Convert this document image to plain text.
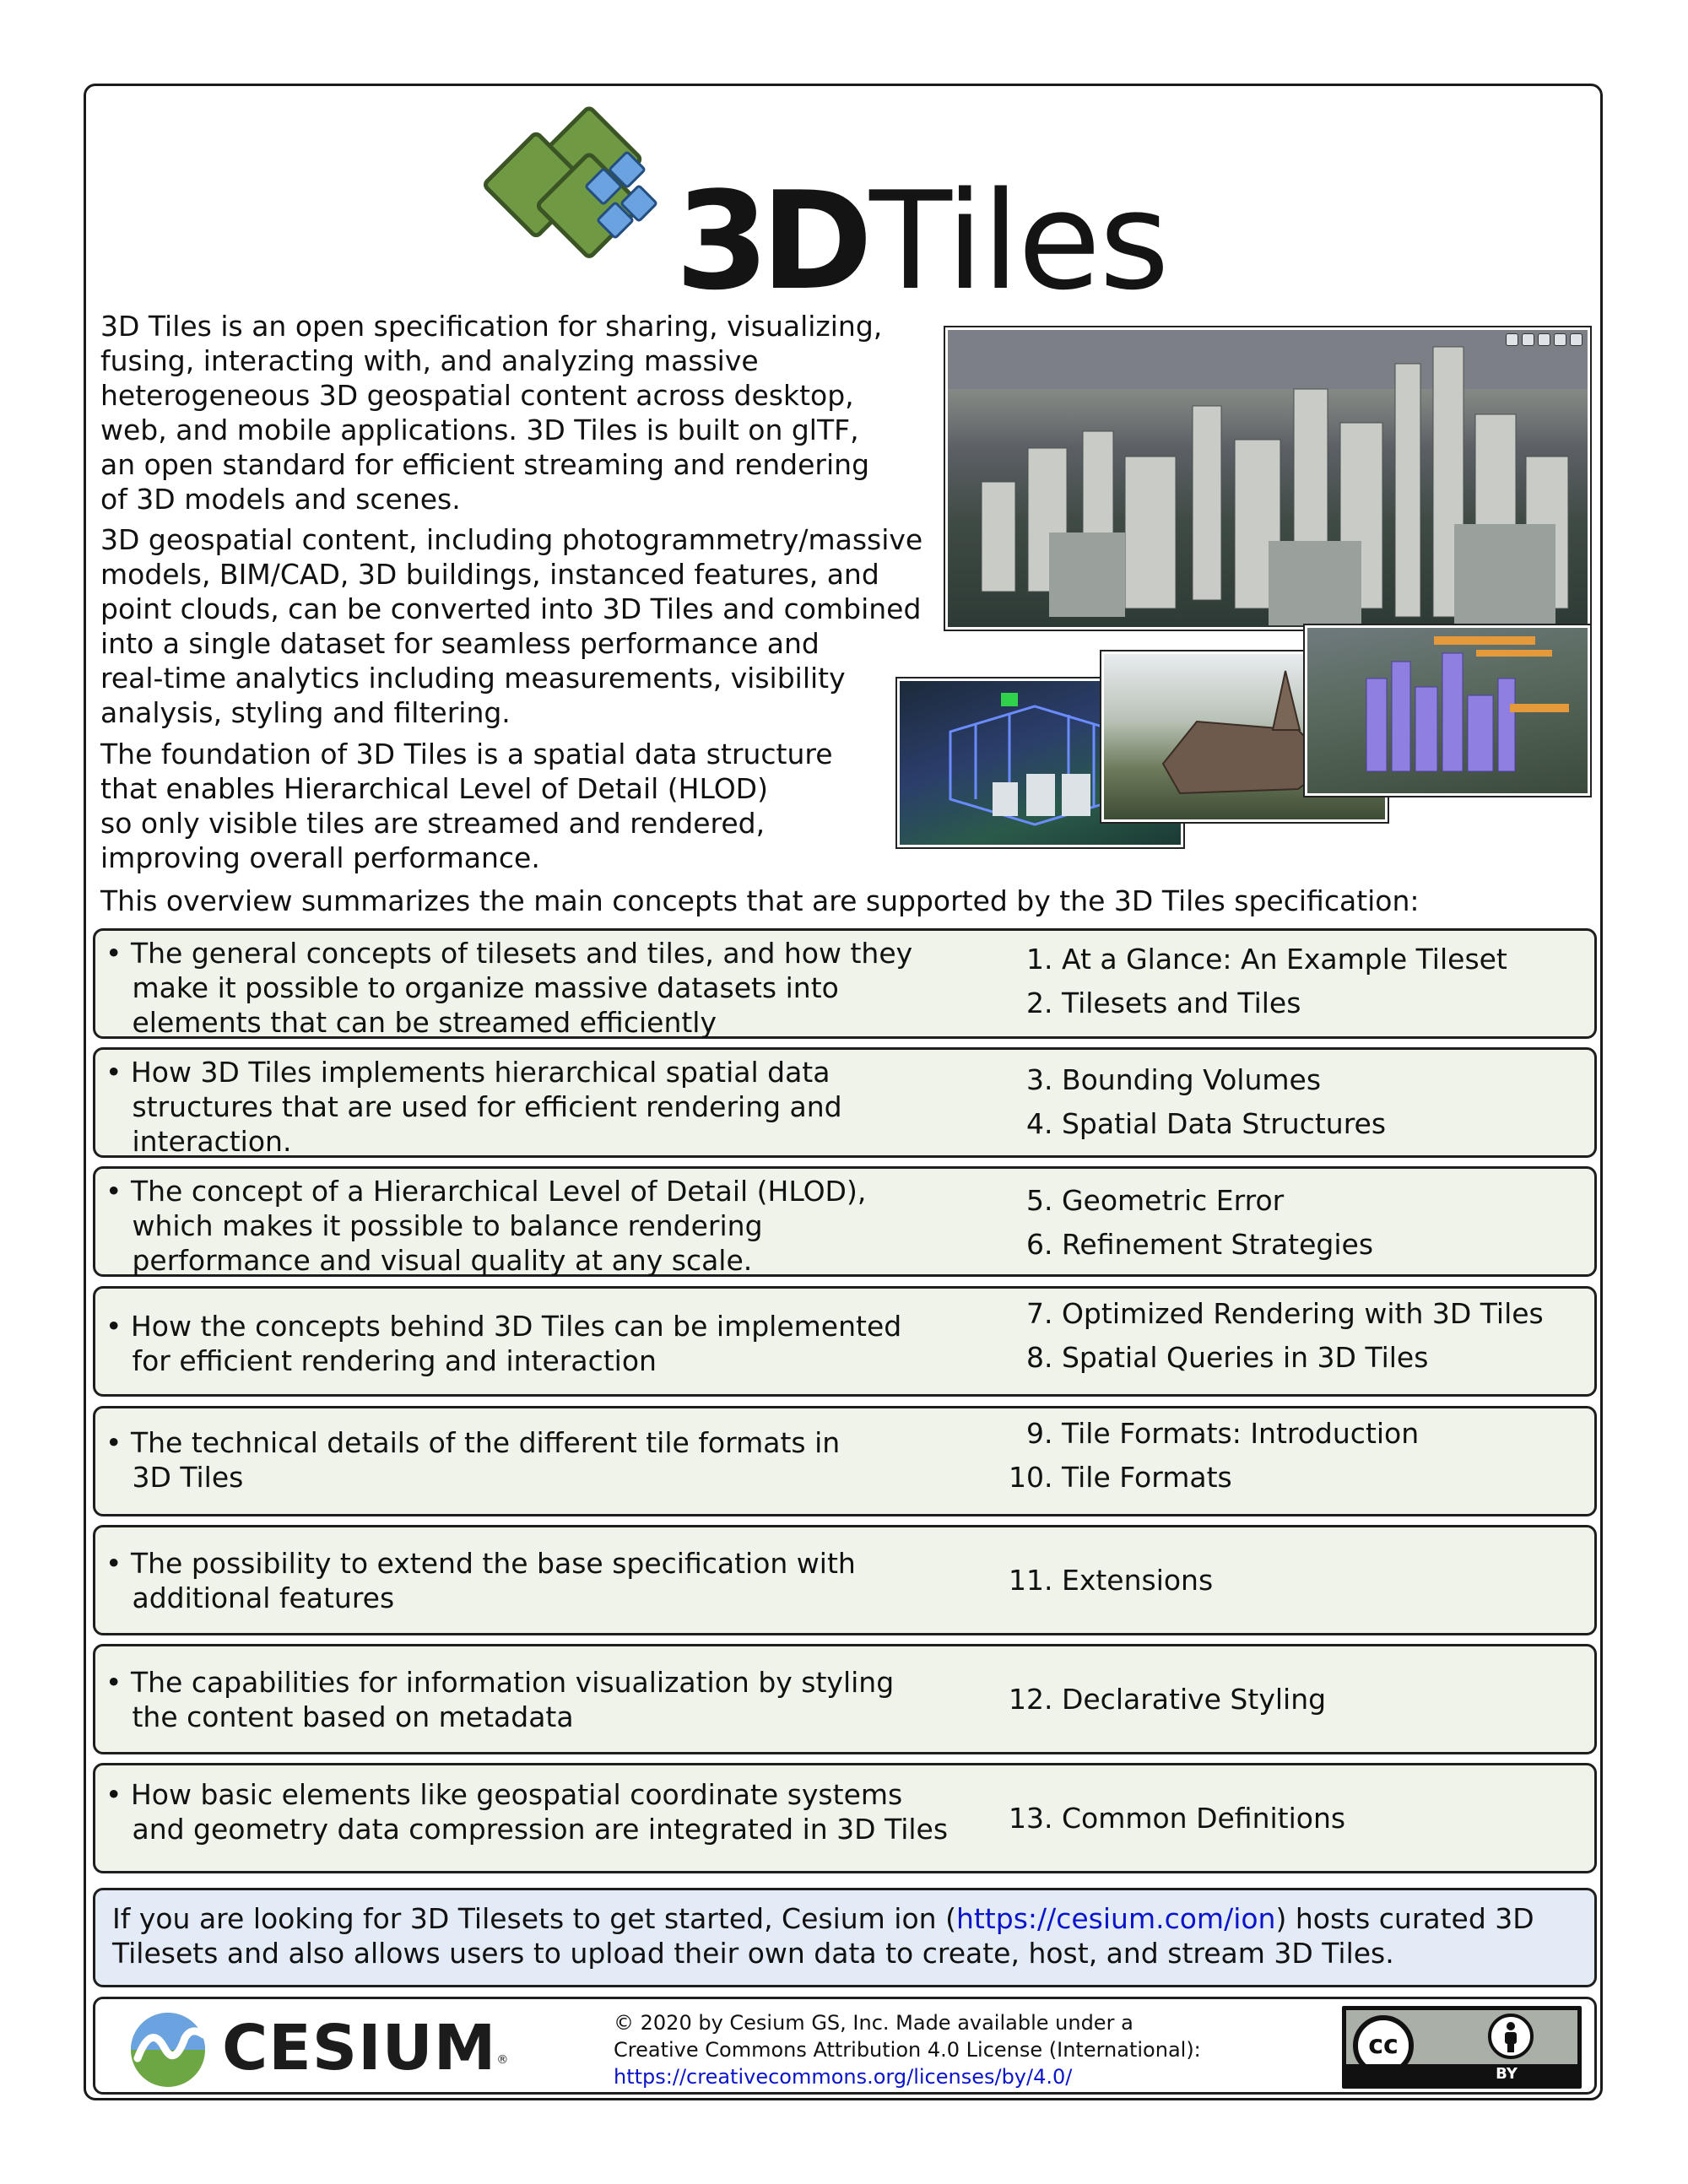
3DTiles

3D Tiles is an open specification for sharing, visualizing,
fusing, interacting with, and analyzing massive
heterogeneous 3D geospatial content across desktop,
web, and mobile applications. 3D Tiles is built on glTF,
an open standard for efficient streaming and rendering
of 3D models and scenes.

3D geospatial content, including photogrammetry/massive
models, BIM/CAD, 3D buildings, instanced features, and
point clouds, can be converted into 3D Tiles and combined
into a single dataset for seamless performance and
real-time analytics including measurements, visibility
analysis, styling and filtering.

The foundation of 3D Tiles is a spatial data structure
that enables Hierarchical Level of Detail (HLOD)
so only visible tiles are streamed and rendered,
improving overall performance.

This overview summarizes the main concepts that are supported by the 3D Tiles specification:
• The general concepts of tilesets and tiles, and how they
make it possible to organize massive datasets into
elements that can be streamed efficiently
1. At a Glance: An Example Tileset
2. Tilesets and Tiles
• How 3D Tiles implements hierarchical spatial data
structures that are used for efficient rendering and
interaction.
3. Bounding Volumes
4. Spatial Data Structures
• The concept of a Hierarchical Level of Detail (HLOD),
which makes it possible to balance rendering
performance and visual quality at any scale.
5. Geometric Error
6. Refinement Strategies
• How the concepts behind 3D Tiles can be implemented
for efficient rendering and interaction
7. Optimized Rendering with 3D Tiles
8. Spatial Queries in 3D Tiles
• The technical details of the different tile formats in
3D Tiles
9. Tile Formats: Introduction
10. Tile Formats
• The possibility to extend the base specification with
additional features
11. Extensions
• The capabilities for information visualization by styling
the content based on metadata
12. Declarative Styling
• How basic elements like geospatial coordinate systems
and geometry data compression are integrated in 3D Tiles 13. Common Definitions
If you are looking for 3D Tilesets to get started, Cesium ion (https://cesium.com/ion) hosts curated 3D Tilesets and also allows users to upload their own data to create, host, and stream 3D Tiles.
CESIUM®
© 2020 by Cesium GS, Inc. Made available under a
Creative Commons Attribution 4.0 License (International):
https://creativecommons.org/licenses/by/4.0/
cc
BY
